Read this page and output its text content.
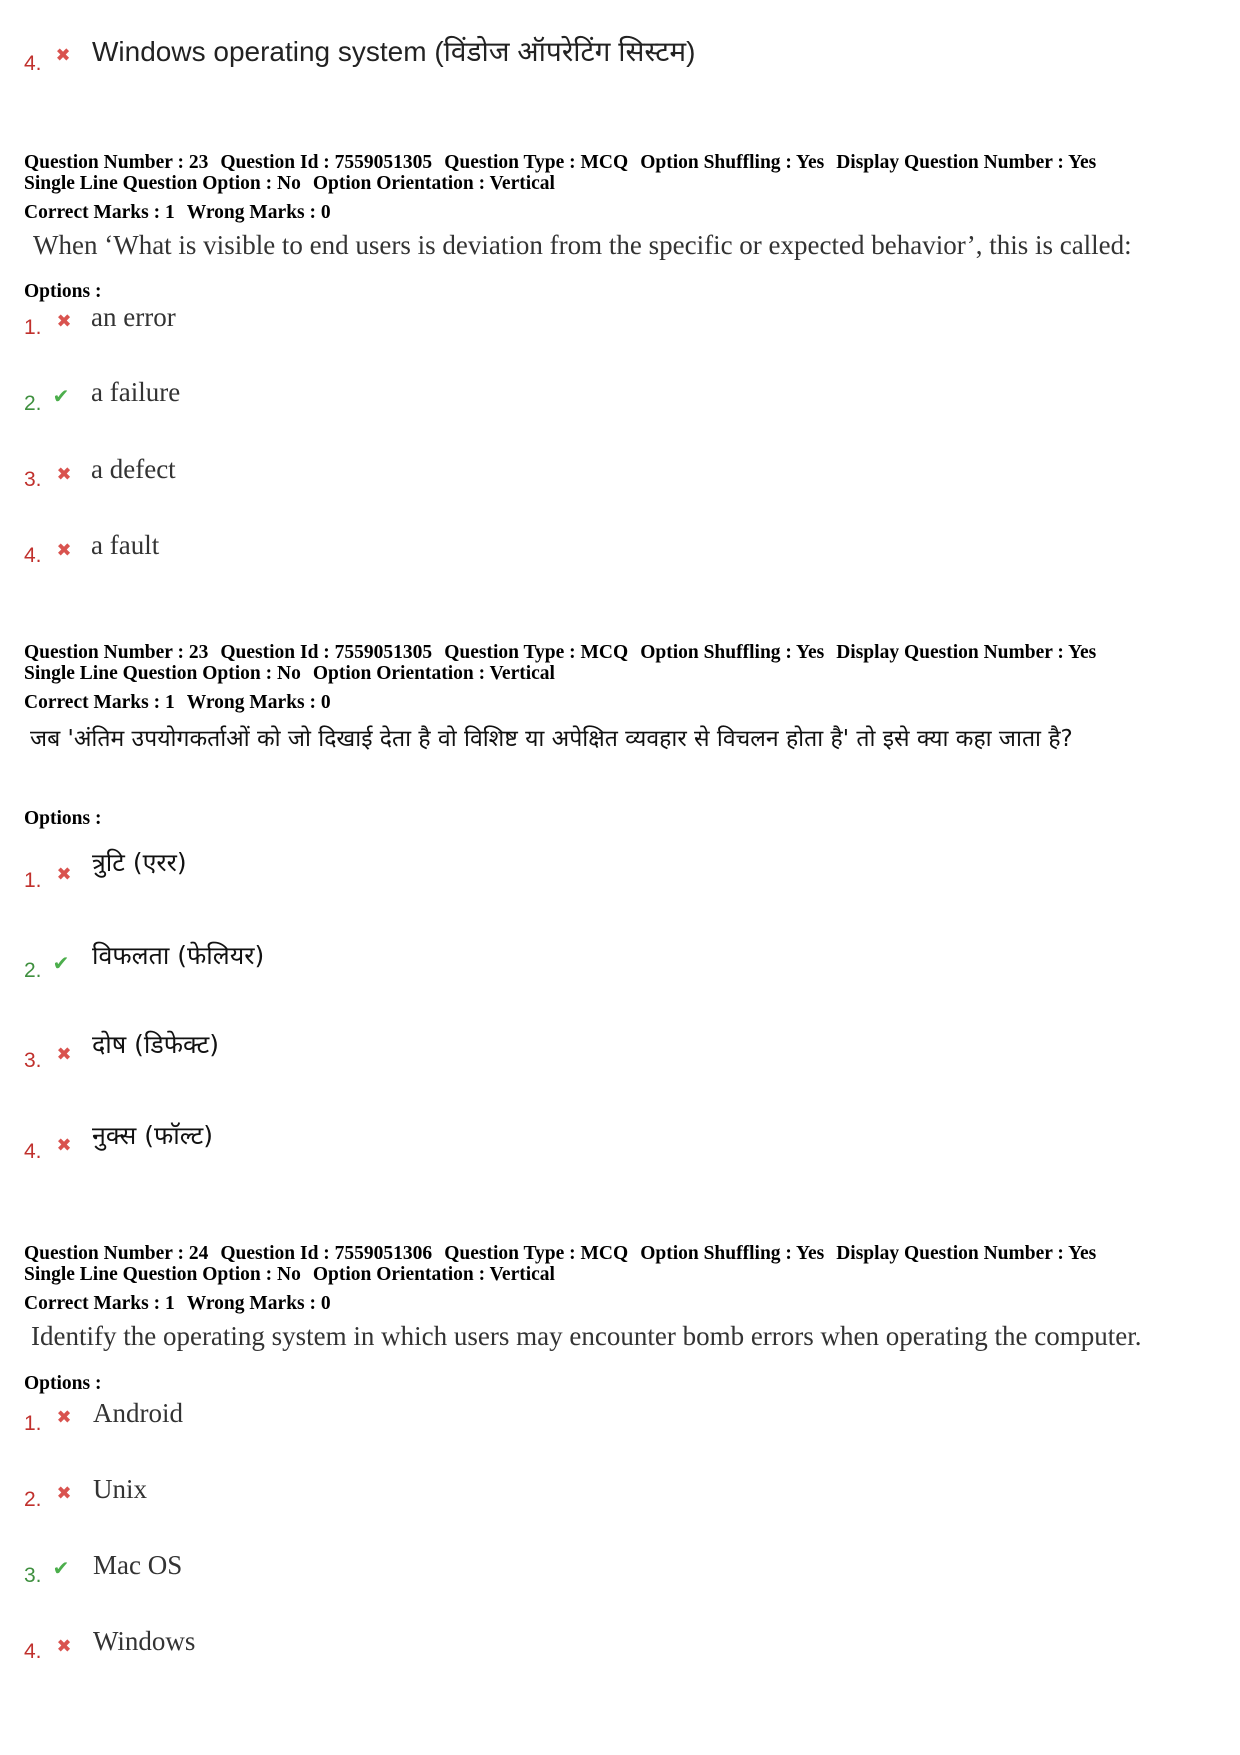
4. ✖ Windows operating system (विंडोज ऑपरेटिंग सिस्टम)
Question Number : 23 Question Id : 7559051305 Question Type : MCQ Option Shuffling : Yes Display Question Number : Yes
Single Line Question Option : No Option Orientation : Vertical
Correct Marks : 1 Wrong Marks : 0
When ‘What is visible to end users is deviation from the specific or expected behavior’, this is called:
Options :
1. ✖ an error
2. ✔ a failure
3. ✖ a defect
4. ✖ a fault
Question Number : 23 Question Id : 7559051305 Question Type : MCQ Option Shuffling : Yes Display Question Number : Yes
Single Line Question Option : No Option Orientation : Vertical
Correct Marks : 1 Wrong Marks : 0
जब 'अंतिम उपयोगकर्ताओं को जो दिखाई देता है वो विशिष्ट या अपेक्षित व्यवहार से विचलन होता है' तो इसे क्या कहा जाता है?
Options :
1. ✖ त्रुटि (एरर)
2. ✔ विफलता (फेलियर)
3. ✖ दोष (डिफेक्ट)
4. ✖ नुक्स (फॉल्ट)
Question Number : 24 Question Id : 7559051306 Question Type : MCQ Option Shuffling : Yes Display Question Number : Yes
Single Line Question Option : No Option Orientation : Vertical
Correct Marks : 1 Wrong Marks : 0
Identify the operating system in which users may encounter bomb errors when operating the computer.
Options :
1. ✖ Android
2. ✖ Unix
3. ✔ Mac OS
4. ✖ Windows
